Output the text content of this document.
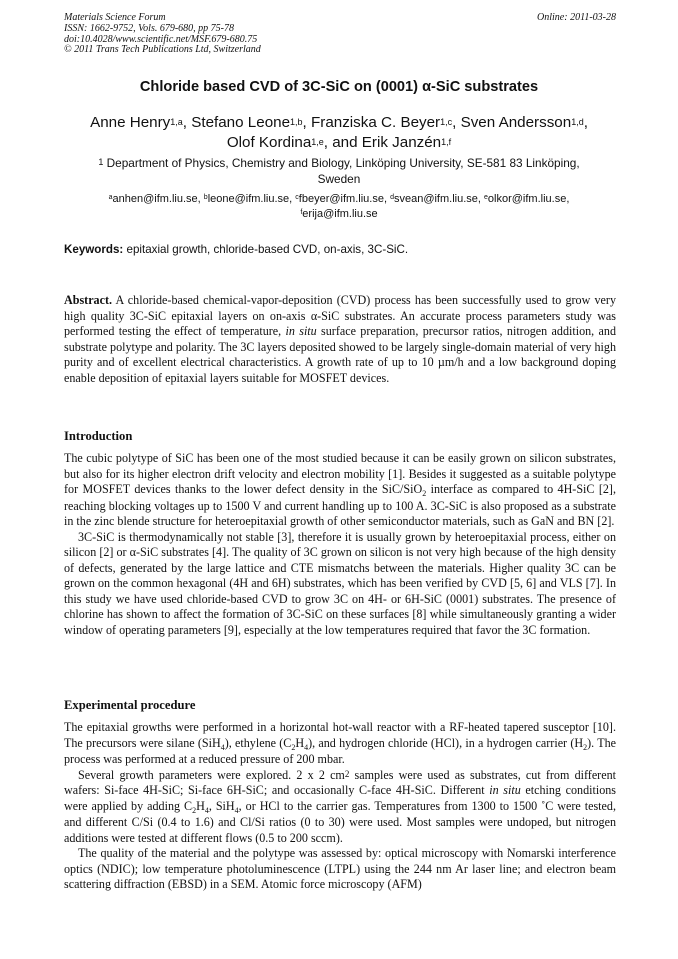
Materials Science Forum
ISSN: 1662-9752, Vols. 679-680, pp 75-78
doi:10.4028/www.scientific.net/MSF.679-680.75
© 2011 Trans Tech Publications Ltd, Switzerland
Online: 2011-03-28
Chloride based CVD of 3C-SiC on (0001) α-SiC substrates
Anne Henry$^{1,a}$, Stefano Leone$^{1,b}$, Franziska C. Beyer$^{1,c}$, Sven Andersson$^{1,d}$,
Olof Kordina$^{1,e}$, and Erik Janzén$^{1,f}$
$^1$ Department of Physics, Chemistry and Biology, Linköping University, SE-581 83 Linköping, Sweden
$^a$anhen@ifm.liu.se, $^b$leone@ifm.liu.se, $^c$fbeyer@ifm.liu.se, $^d$svean@ifm.liu.se, $^e$olkor@ifm.liu.se,
$^f$erija@ifm.liu.se
Keywords: epitaxial growth, chloride-based CVD, on-axis, 3C-SiC.

Abstract. A chloride-based chemical-vapor-deposition (CVD) process has been successfully used to grow very high quality 3C-SiC epitaxial layers on on-axis α-SiC substrates. An accurate process parameters study was performed testing the effect of temperature, in situ surface preparation, precursor ratios, nitrogen addition, and substrate polytype and polarity. The 3C layers deposited showed to be largely single-domain material of very high purity and of excellent electrical characteristics. A growth rate of up to 10 µm/h and a low background doping enable deposition of epitaxial layers suitable for MOSFET devices.

Introduction

The cubic polytype of SiC has been one of the most studied because it can be easily grown on silicon substrates, but also for its higher electron drift velocity and electron mobility [1]. Besides it suggested as a suitable polytype for MOSFET devices thanks to the lower defect density in the SiC/SiO$_2$ interface as compared to 4H-SiC [2], reaching blocking voltages up to 1500 V and current handling up to 100 A. 3C-SiC is also proposed as a substrate in the zinc blende structure for heteroepitaxial growth of other semiconductor materials, such as GaN and BN [2].

3C-SiC is thermodynamically not stable [3], therefore it is usually grown by heteroepitaxial process, either on silicon [2] or α-SiC substrates [4]. The quality of 3C grown on silicon is not very high because of the high density of defects, generated by the large lattice and CTE mismatchs between the materials. Higher quality 3C can be grown on the common hexagonal (4H and 6H) substrates, which has been verified by CVD [5, 6] and VLS [7]. In this study we have used chloride-based CVD to grow 3C on 4H- or 6H-SiC (0001) substrates. The presence of chlorine has shown to affect the formation of 3C-SiC on these surfaces [8] while simultaneously granting a wider window of operating parameters [9], especially at the low temperatures required that favor the 3C formation.

Experimental procedure

The epitaxial growths were performed in a horizontal hot-wall reactor with a RF-heated tapered susceptor [10]. The precursors were silane (SiH$_4$), ethylene $(C_2H_4)$, and hydrogen chloride (HCl), in a hydrogen carrier $(H_2)$. The process was performed at a reduced pressure of 200 mbar.

Several growth parameters were explored. 2 x 2 $cm^2$ samples were used as substrates, cut from different wafers: Si-face 4H-SiC; Si-face 6H-SiC; and occasionally C-face 4H-SiC. Different in situ etching conditions were applied by adding $C_2H_4$, SiH$_4$, or HCl to the carrier gas. Temperatures from 1300 to 1500 ˚C were tested, and different C/Si (0.4 to 1.6) and Cl/Si ratios (0 to 30) were used. Most samples were undoped, but nitrogen additions were tested at different flows (0.5 to 200 sccm).

The quality of the material and the polytype was assessed by: optical microscopy with Nomarski interference optics (NDIC); low temperature photoluminescence (LTPL) using the 244 nm Ar laser line; and electron beam scattering diffraction (EBSD) in a SEM. Atomic force microscopy (AFM)
